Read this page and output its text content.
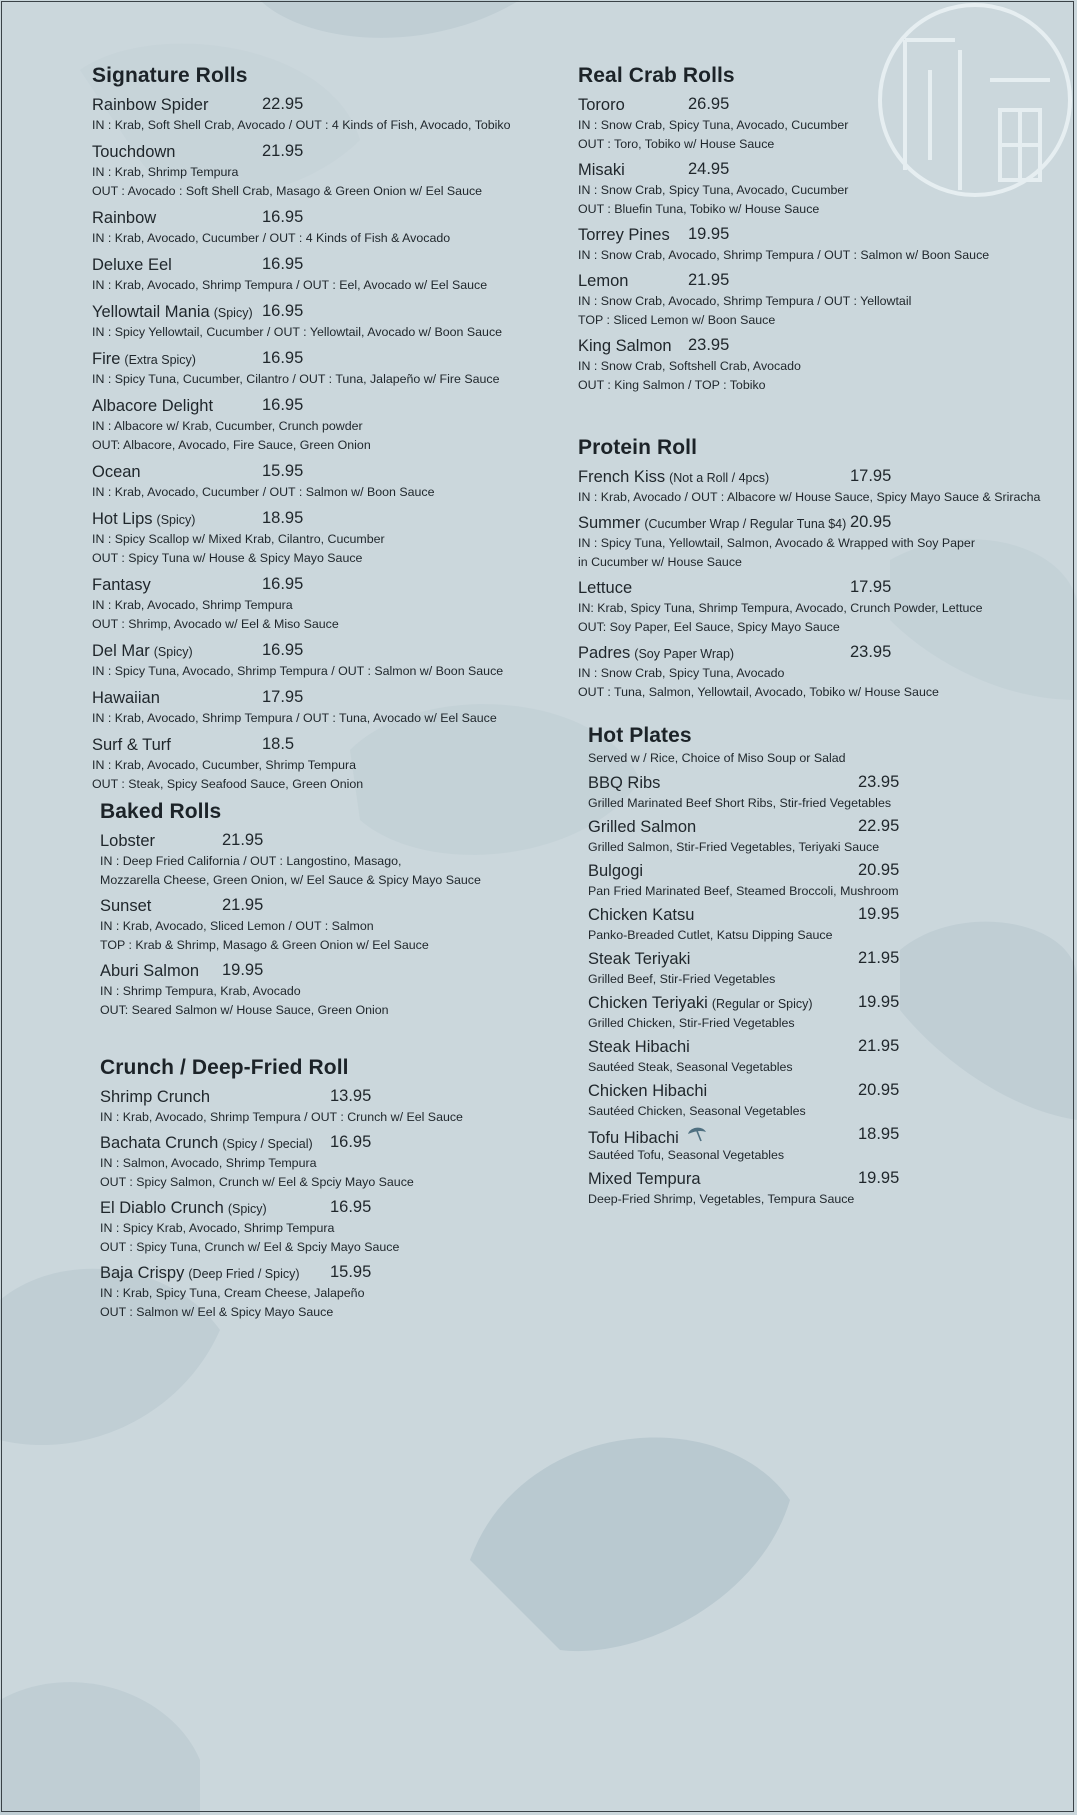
Signature Rolls
Rainbow Spider	22.95
IN : Krab, Soft Shell Crab, Avocado / OUT : 4 Kinds of Fish, Avocado, Tobiko
Touchdown	21.95
IN : Krab, Shrimp Tempura
OUT : Avocado : Soft Shell Crab, Masago & Green Onion w/ Eel Sauce
Rainbow	16.95
IN : Krab, Avocado, Cucumber / OUT : 4 Kinds of Fish & Avocado
Deluxe Eel	16.95
IN : Krab, Avocado, Shrimp Tempura / OUT : Eel, Avocado w/ Eel Sauce
Yellowtail Mania (Spicy) 16.95
IN : Spicy Yellowtail, Cucumber / OUT : Yellowtail, Avocado w/ Boon Sauce
Fire (Extra Spicy)	16.95
IN : Spicy Tuna, Cucumber, Cilantro / OUT : Tuna, Jalapeño w/ Fire Sauce
Albacore Delight	16.95
IN : Albacore w/ Krab, Cucumber, Crunch powder
OUT: Albacore, Avocado, Fire Sauce, Green Onion
Ocean	15.95
IN : Krab, Avocado, Cucumber / OUT : Salmon w/ Boon Sauce
Hot Lips (Spicy)	18.95
IN : Spicy Scallop w/ Mixed Krab, Cilantro, Cucumber
OUT : Spicy Tuna w/ House & Spicy Mayo Sauce
Fantasy	16.95
IN : Krab, Avocado, Shrimp Tempura
OUT : Shrimp, Avocado w/ Eel & Miso Sauce
Del Mar (Spicy)	16.95
IN : Spicy Tuna, Avocado, Shrimp Tempura / OUT : Salmon w/ Boon Sauce
Hawaiian	17.95
IN : Krab, Avocado, Shrimp Tempura / OUT : Tuna, Avocado w/ Eel Sauce
Surf & Turf	18.5
IN : Krab, Avocado, Cucumber, Shrimp Tempura
OUT : Steak, Spicy Seafood Sauce, Green Onion
Baked Rolls
Lobster	21.95
IN : Deep Fried California / OUT : Langostino, Masago,
Mozzarella Cheese, Green Onion, w/ Eel Sauce & Spicy Mayo Sauce
Sunset	21.95
IN : Krab, Avocado, Sliced Lemon / OUT : Salmon
TOP : Krab & Shrimp, Masago & Green Onion w/ Eel Sauce
Aburi Salmon 19.95
IN : Shrimp Tempura, Krab, Avocado
OUT: Seared Salmon w/ House Sauce, Green Onion
Crunch / Deep-Fried Roll
Shrimp Crunch	13.95
IN : Krab, Avocado, Shrimp Tempura / OUT : Crunch w/ Eel Sauce
Bachata Crunch (Spicy / Special) 16.95
IN : Salmon, Avocado, Shrimp Tempura
OUT : Spicy Salmon, Crunch w/ Eel & Spciy Mayo Sauce
El Diablo Crunch (Spicy)	16.95
IN : Spicy Krab, Avocado, Shrimp Tempura
OUT : Spicy Tuna, Crunch w/ Eel & Spciy Mayo Sauce
Baja Crispy (Deep Fried / Spicy) 15.95
IN : Krab, Spicy Tuna, Cream Cheese, Jalapeño
OUT : Salmon w/ Eel & Spicy Mayo Sauce
Real Crab Rolls
Tororo	26.95
IN : Snow Crab, Spicy Tuna, Avocado, Cucumber
OUT : Toro, Tobiko w/ House Sauce
Misaki	24.95
IN : Snow Crab, Spicy Tuna, Avocado, Cucumber
OUT : Bluefin Tuna, Tobiko w/ House Sauce
Torrey Pines 19.95
IN : Snow Crab, Avocado, Shrimp Tempura / OUT : Salmon w/ Boon Sauce
Lemon	21.95
IN : Snow Crab, Avocado, Shrimp Tempura / OUT : Yellowtail
TOP : Sliced Lemon w/ Boon Sauce
King Salmon 23.95
IN : Snow Crab, Softshell Crab, Avocado
OUT : King Salmon / TOP : Tobiko
Protein Roll
French Kiss (Not a Roll / 4pcs)	17.95
IN : Krab, Avocado / OUT : Albacore w/ House Sauce, Spicy Mayo Sauce & Sriracha
Summer (Cucumber Wrap / Regular Tuna $4) 20.95
IN : Spicy Tuna, Yellowtail, Salmon, Avocado & Wrapped with Soy Paper
in Cucumber w/ House Sauce
Lettuce	17.95
IN: Krab, Spicy Tuna, Shrimp Tempura, Avocado, Crunch Powder, Lettuce
OUT: Soy Paper, Eel Sauce, Spicy Mayo Sauce
Padres (Soy Paper Wrap)	23.95
IN : Snow Crab, Spicy Tuna, Avocado
OUT : Tuna, Salmon, Yellowtail, Avocado, Tobiko w/ House Sauce
Hot Plates
Served w / Rice, Choice of Miso Soup or Salad
BBQ Ribs	23.95
Grilled Marinated Beef Short Ribs, Stir-fried Vegetables
Grilled Salmon	22.95
Grilled Salmon, Stir-Fried Vegetables, Teriyaki Sauce
Bulgogi	20.95
Pan Fried Marinated Beef, Steamed Broccoli, Mushroom
Chicken Katsu	19.95
Panko-Breaded Cutlet, Katsu Dipping Sauce
Steak Teriyaki	21.95
Grilled Beef, Stir-Fried Vegetables
Chicken Teriyaki (Regular or Spicy)	19.95
Grilled Chicken, Stir-Fried Vegetables
Steak Hibachi	21.95
Sautéed Steak, Seasonal Vegetables
Chicken Hibachi	20.95
Sautéed Chicken, Seasonal Vegetables
Tofu Hibachi	18.95
Sautéed Tofu, Seasonal Vegetables
Mixed Tempura	19.95
Deep-Fried Shrimp, Vegetables, Tempura Sauce
